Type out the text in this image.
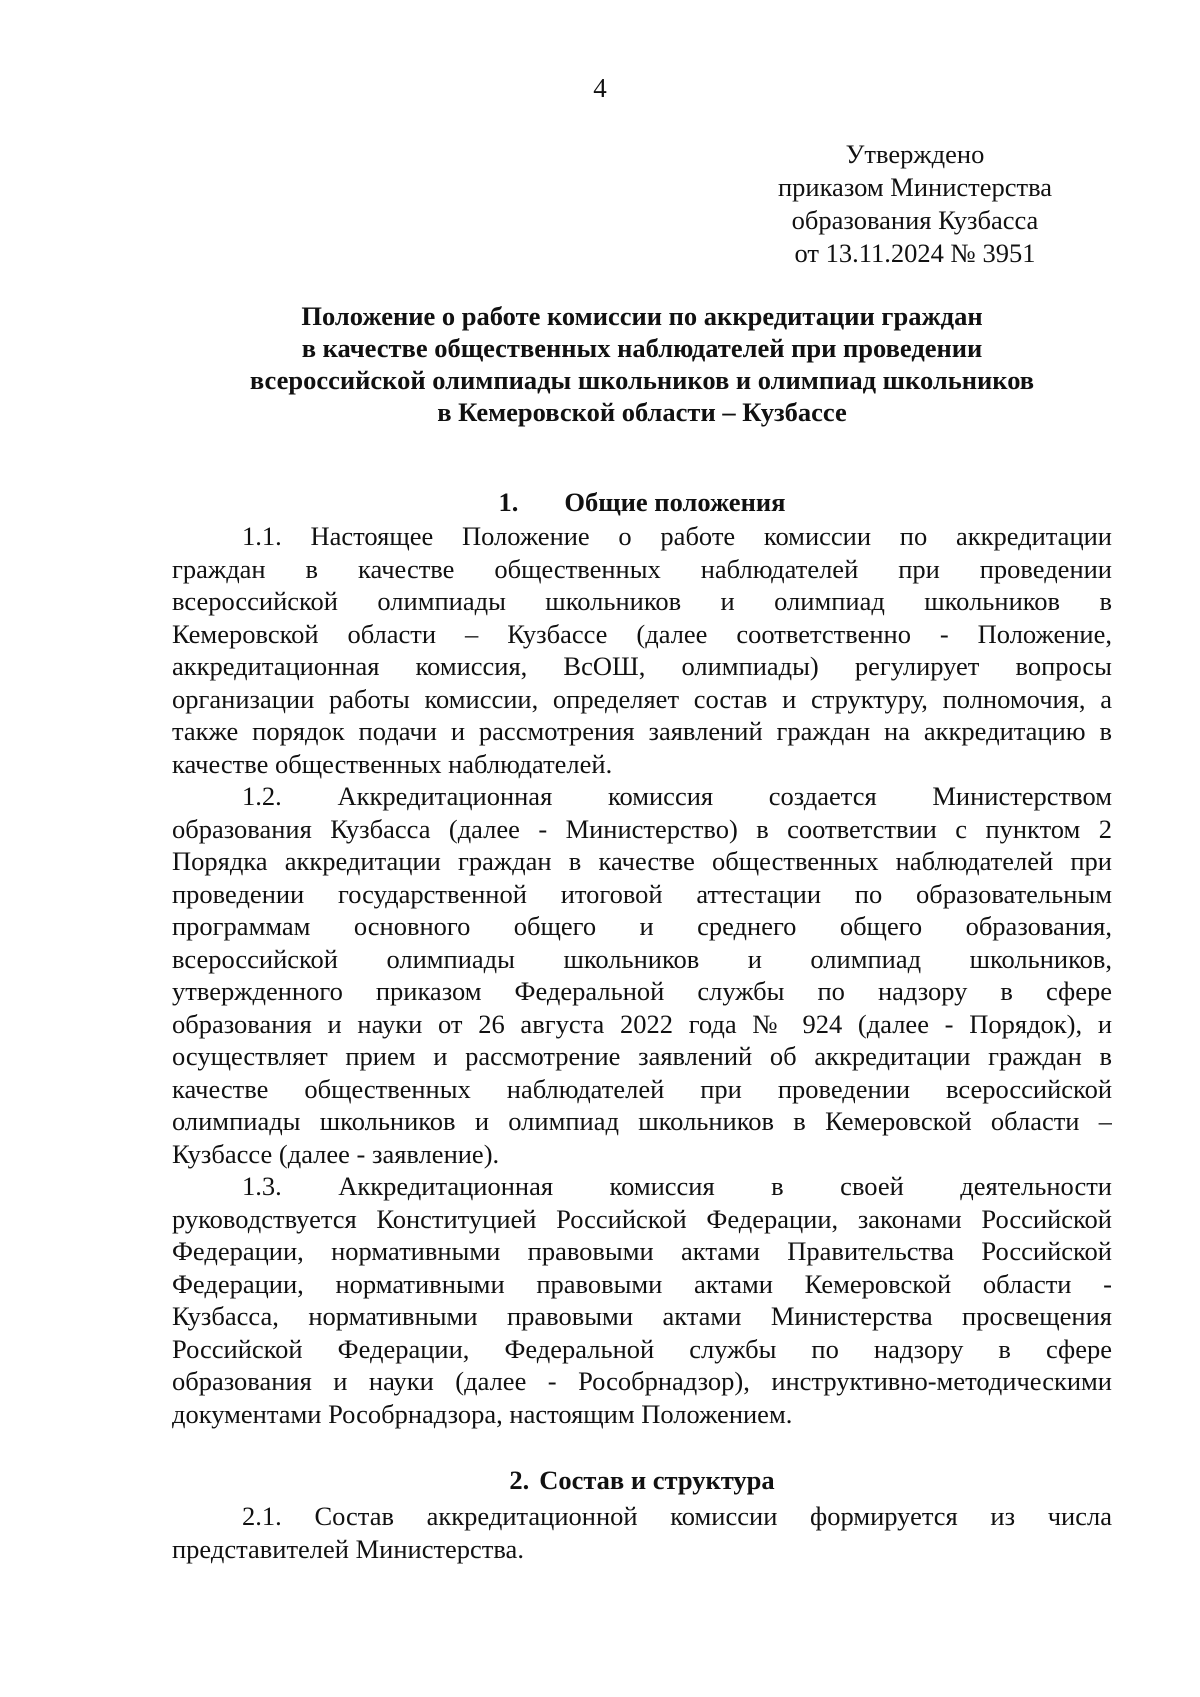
4
Утверждено
приказом Министерства
образования Кузбасса
от 13.11.2024 № 3951
Положение о работе комиссии по аккредитации граждан
в качестве общественных наблюдателей при проведении
всероссийской олимпиады школьников и олимпиад школьников
в Кемеровской области – Кузбассе
1. Общие положения
1.1. Настоящее Положение о работе комиссии по аккредитации
граждан в качестве общественных наблюдателей при проведении
всероссийской олимпиады школьников и олимпиад школьников в
Кемеровской области – Кузбассе (далее соответственно - Положение,
аккредитационная комиссия, ВсОШ, олимпиады) регулирует вопросы
организации работы комиссии, определяет состав и структуру, полномочия, а
также порядок подачи и рассмотрения заявлений граждан на аккредитацию в
качестве общественных наблюдателей.
1.2. Аккредитационная комиссия создается Министерством
образования Кузбасса (далее - Министерство) в соответствии с пунктом 2
Порядка аккредитации граждан в качестве общественных наблюдателей при
проведении государственной итоговой аттестации по образовательным
программам основного общего и среднего общего образования,
всероссийской олимпиады школьников и олимпиад школьников,
утвержденного приказом Федеральной службы по надзору в сфере
образования и науки от 26 августа 2022 года № 924 (далее - Порядок), и
осуществляет прием и рассмотрение заявлений об аккредитации граждан в
качестве общественных наблюдателей при проведении всероссийской
олимпиады школьников и олимпиад школьников в Кемеровской области –
Кузбассе (далее - заявление).
1.3. Аккредитационная комиссия в своей деятельности
руководствуется Конституцией Российской Федерации, законами Российской
Федерации, нормативными правовыми актами Правительства Российской
Федерации, нормативными правовыми актами Кемеровской области -
Кузбасса, нормативными правовыми актами Министерства просвещения
Российской Федерации, Федеральной службы по надзору в сфере
образования и науки (далее - Рособрнадзор), инструктивно-методическими
документами Рособрнадзора, настоящим Положением.
2. Состав и структура
2.1. Состав аккредитационной комиссии формируется из числа
представителей Министерства.
